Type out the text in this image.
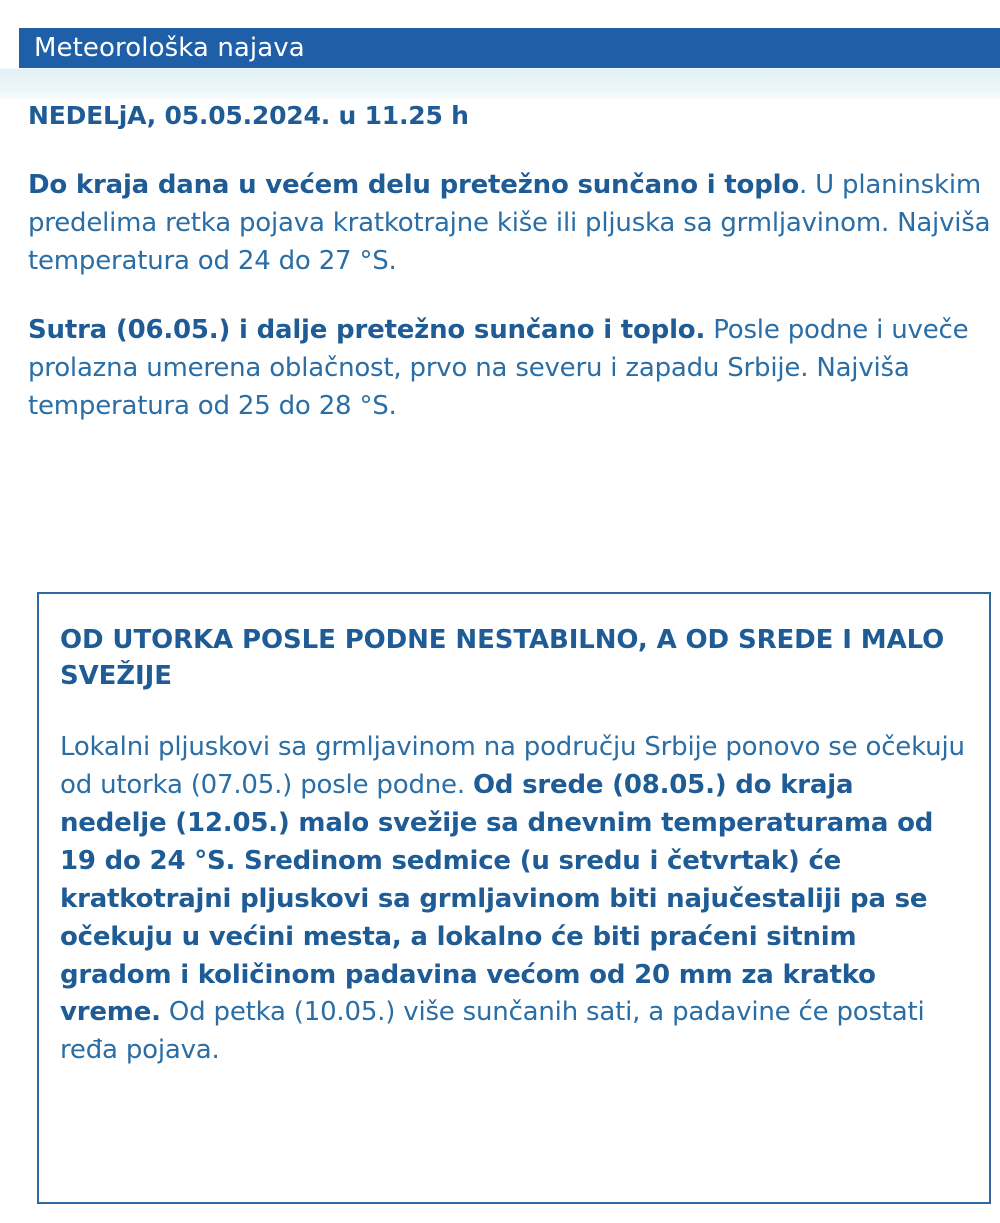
Meteorološka najava
NEDELjA, 05.05.2024. u 11.25 h

Do kraja dana u većem delu pretežno sunčano i toplo. U planinskim predelima retka pojava kratkotrajne kiše ili pljuska sa grmljavinom. Najviša temperatura od 24 do 27 °S.

Sutra (06.05.) i dalje pretežno sunčano i toplo. Posle podne i uveče prolazna umerena oblačnost, prvo na severu i zapadu Srbije. Najviša temperatura od 25 do 28 °S.

OD UTORKA POSLE PODNE NESTABILNO, A OD SREDE I MALO SVEŽIJE

Lokalni pljuskovi sa grmljavinom na području Srbije ponovo se očekuju od utorka (07.05.) posle podne. Od srede (08.05.) do kraja nedelje (12.05.) malo svežije sa dnevnim temperaturama od 19 do 24 °S. Sredinom sedmice (u sredu i četvrtak) će kratkotrajni pljuskovi sa grmljavinom biti najučestaliji pa se očekuju u većini mesta, a lokalno će biti praćeni sitnim gradom i količinom padavina većom od 20 mm za kratko vreme. Od petka (10.05.) više sunčanih sati, a padavine će postati ređa pojava.
